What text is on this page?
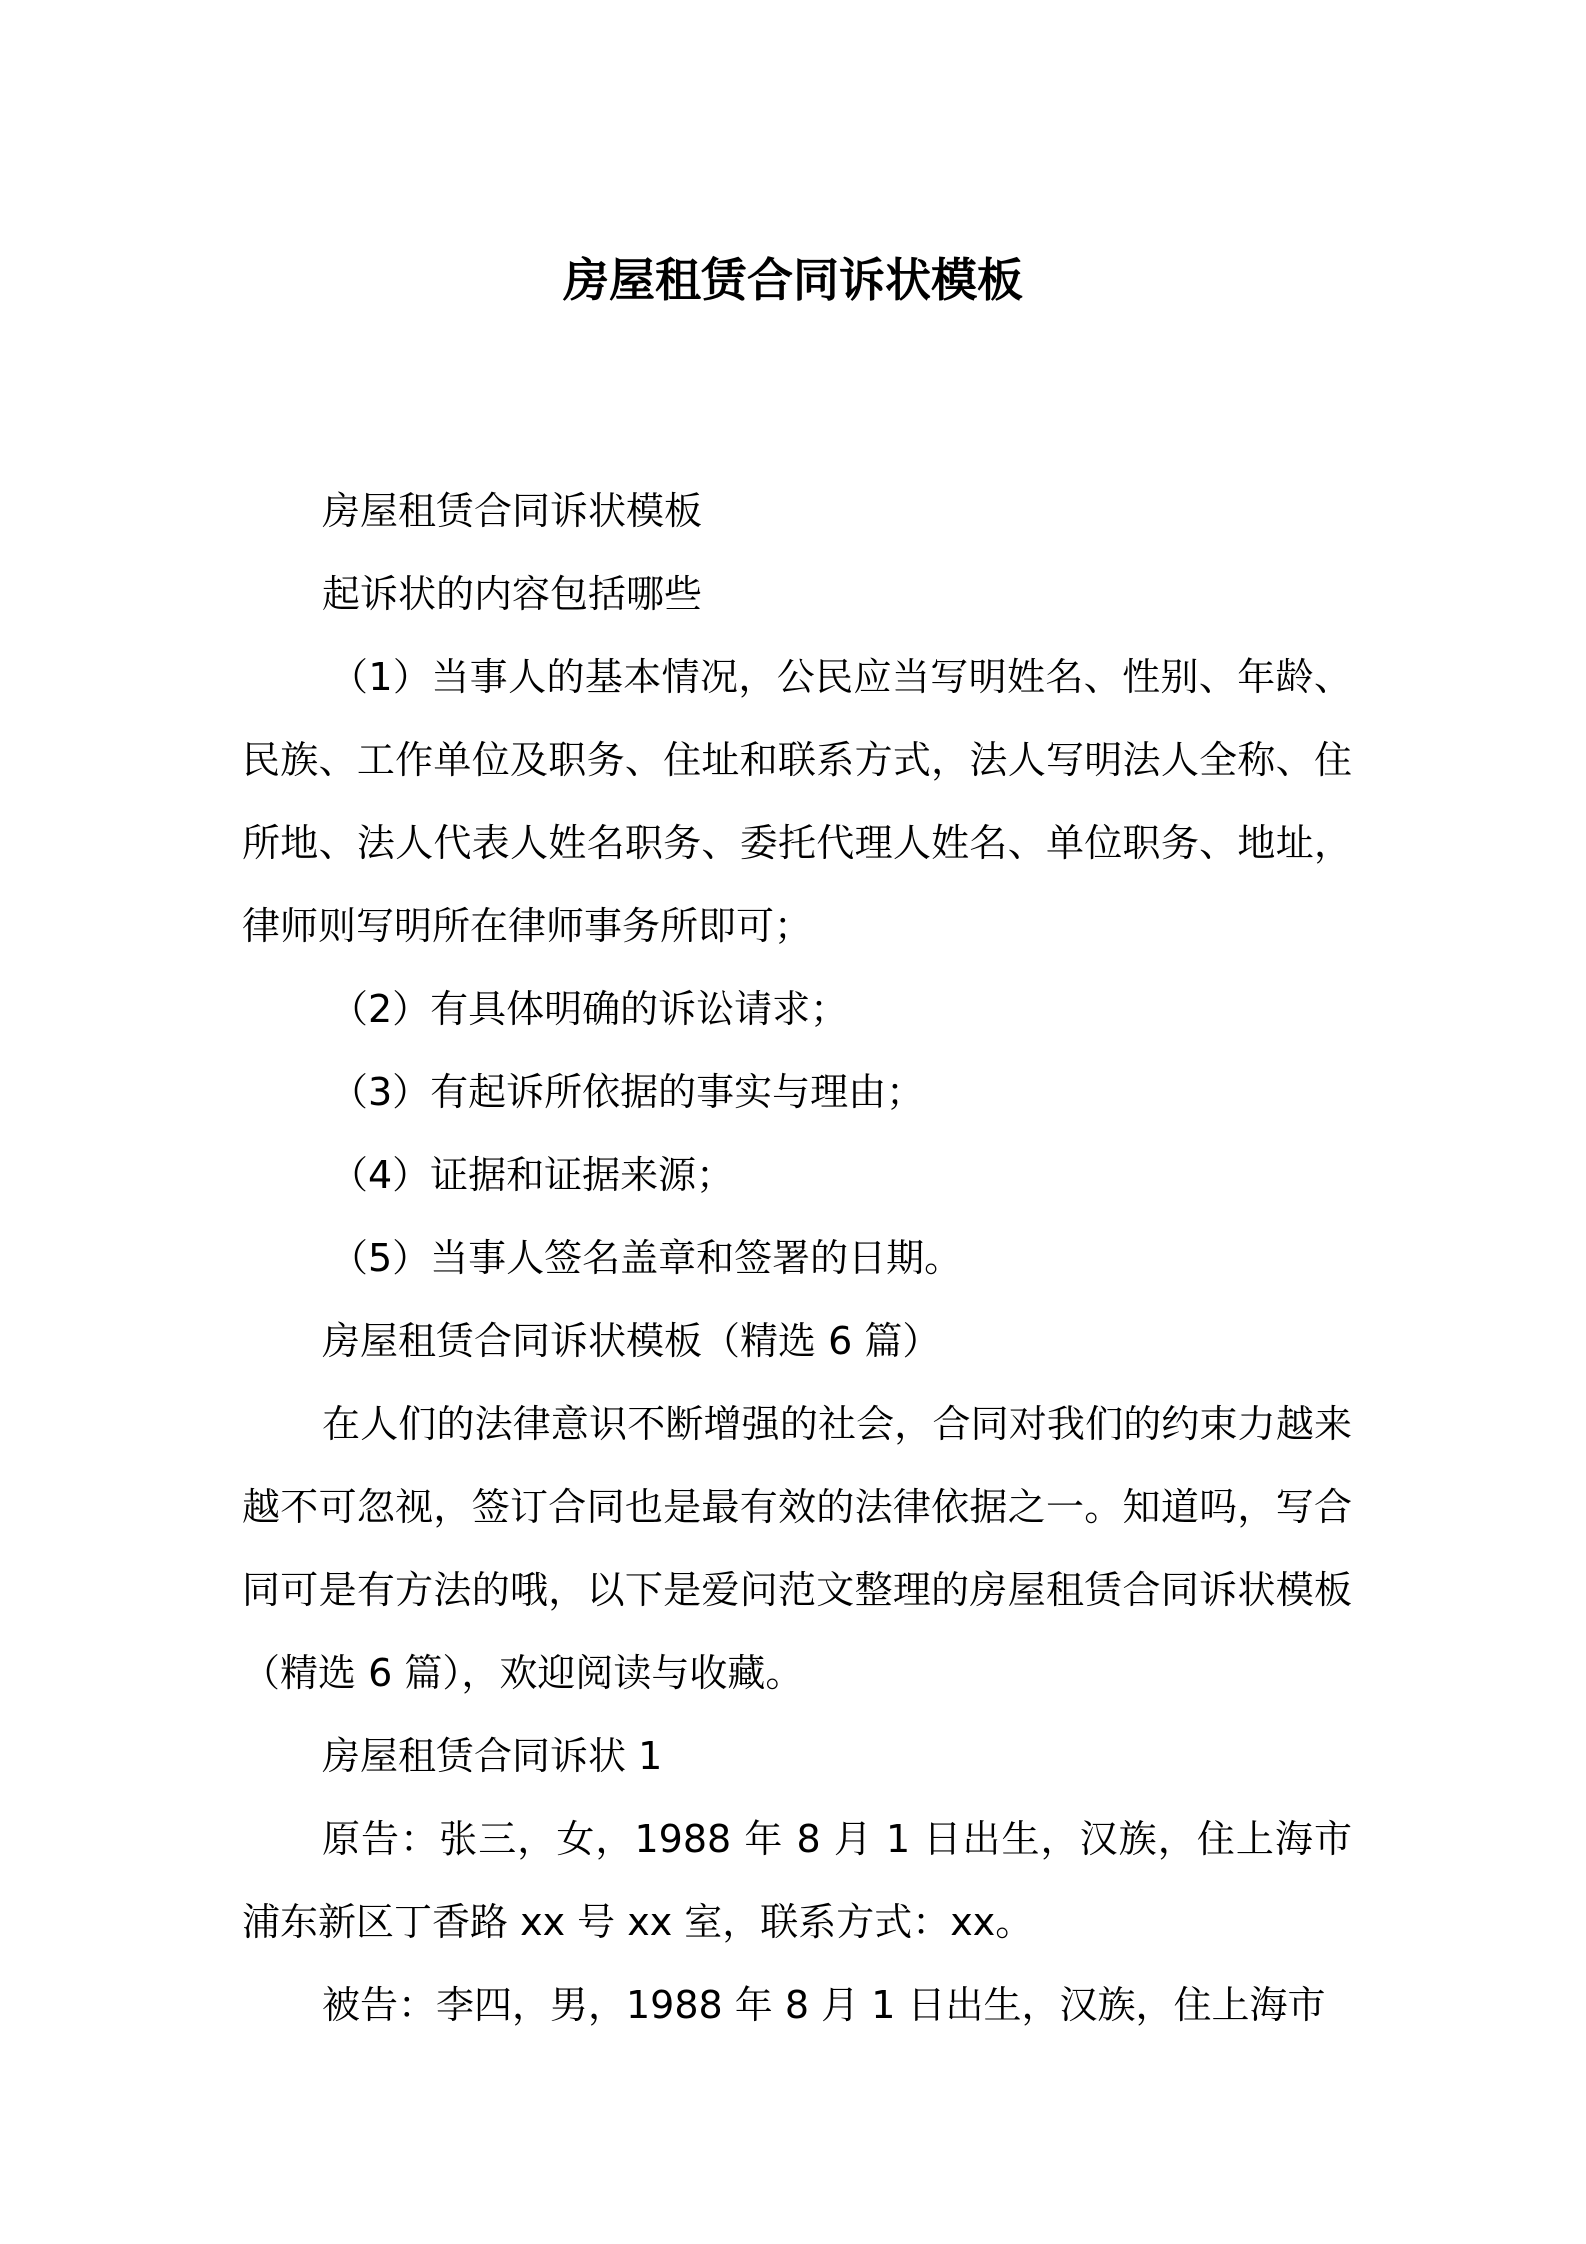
房屋租赁合同诉状模板

房屋租赁合同诉状模板

起诉状的内容包括哪些

（1）当事人的基本情况，公民应当写明姓名、性别、年龄、民族、工作单位及职务、住址和联系方式，法人写明法人全称、住所地、法人代表人姓名职务、委托代理人姓名、单位职务、地址，律师则写明所在律师事务所即可；

（2）有具体明确的诉讼请求；

（3）有起诉所依据的事实与理由；

（4）证据和证据来源；

（5）当事人签名盖章和签署的日期。

房屋租赁合同诉状模板（精选 6 篇）

在人们的法律意识不断增强的社会，合同对我们的约束力越来越不可忽视，签订合同也是最有效的法律依据之一。知道吗，写合同可是有方法的哦，以下是爱问范文整理的房屋租赁合同诉状模板（精选 6 篇），欢迎阅读与收藏。

房屋租赁合同诉状 1

原告：张三，女，1988 年 8 月 1 日出生，汉族，住上海市浦东新区丁香路 xx 号 xx 室，联系方式：xx。

被告：李四，男，1988 年 8 月 1 日出生，汉族，住上海市
